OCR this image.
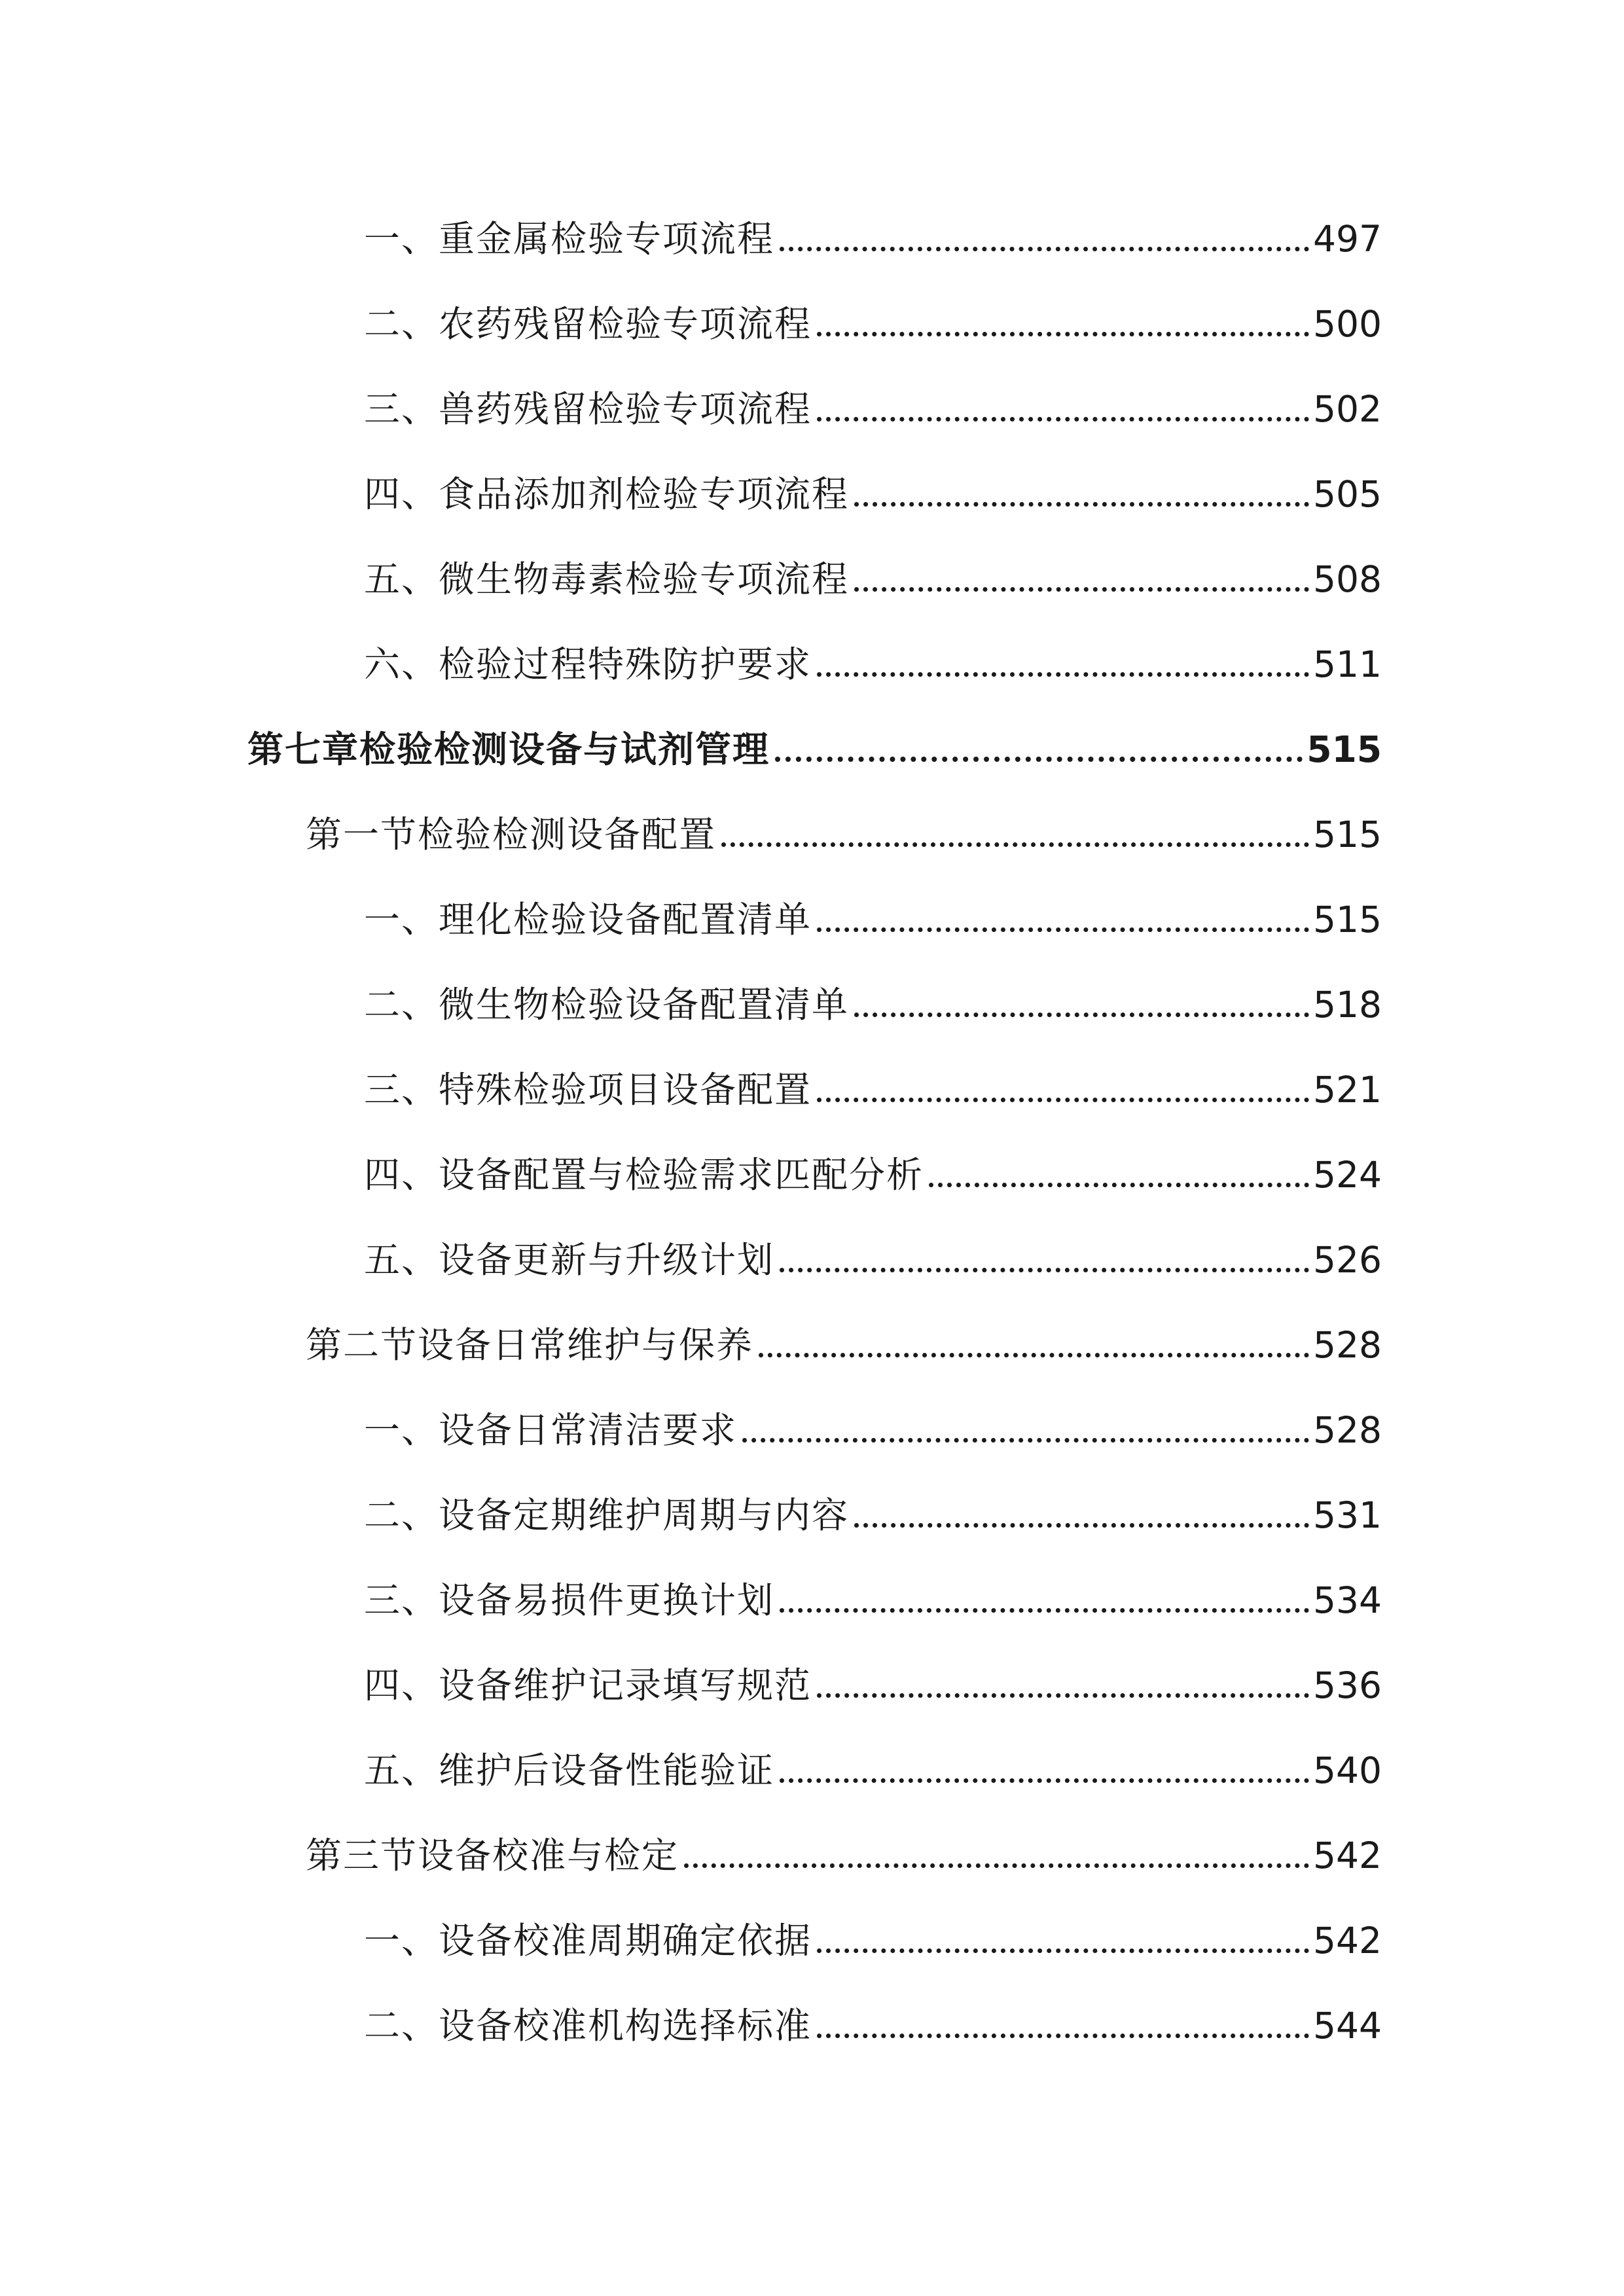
一、重金属检验专项流程	497
二、农药残留检验专项流程	500
三、兽药残留检验专项流程	502
四、食品添加剂检验专项流程	505
五、微生物毒素检验专项流程	508
六、检验过程特殊防护要求	511
第七章检验检测设备与试剂管理	515
第一节检验检测设备配置	515
一、理化检验设备配置清单	515
二、微生物检验设备配置清单	518
三、特殊检验项目设备配置	521
四、设备配置与检验需求匹配分析	524
五、设备更新与升级计划	526
第二节设备日常维护与保养	528
一、设备日常清洁要求	528
二、设备定期维护周期与内容	531
三、设备易损件更换计划	534
四、设备维护记录填写规范	536
五、维护后设备性能验证	540
第三节设备校准与检定	542
一、设备校准周期确定依据	542
二、设备校准机构选择标准	544
